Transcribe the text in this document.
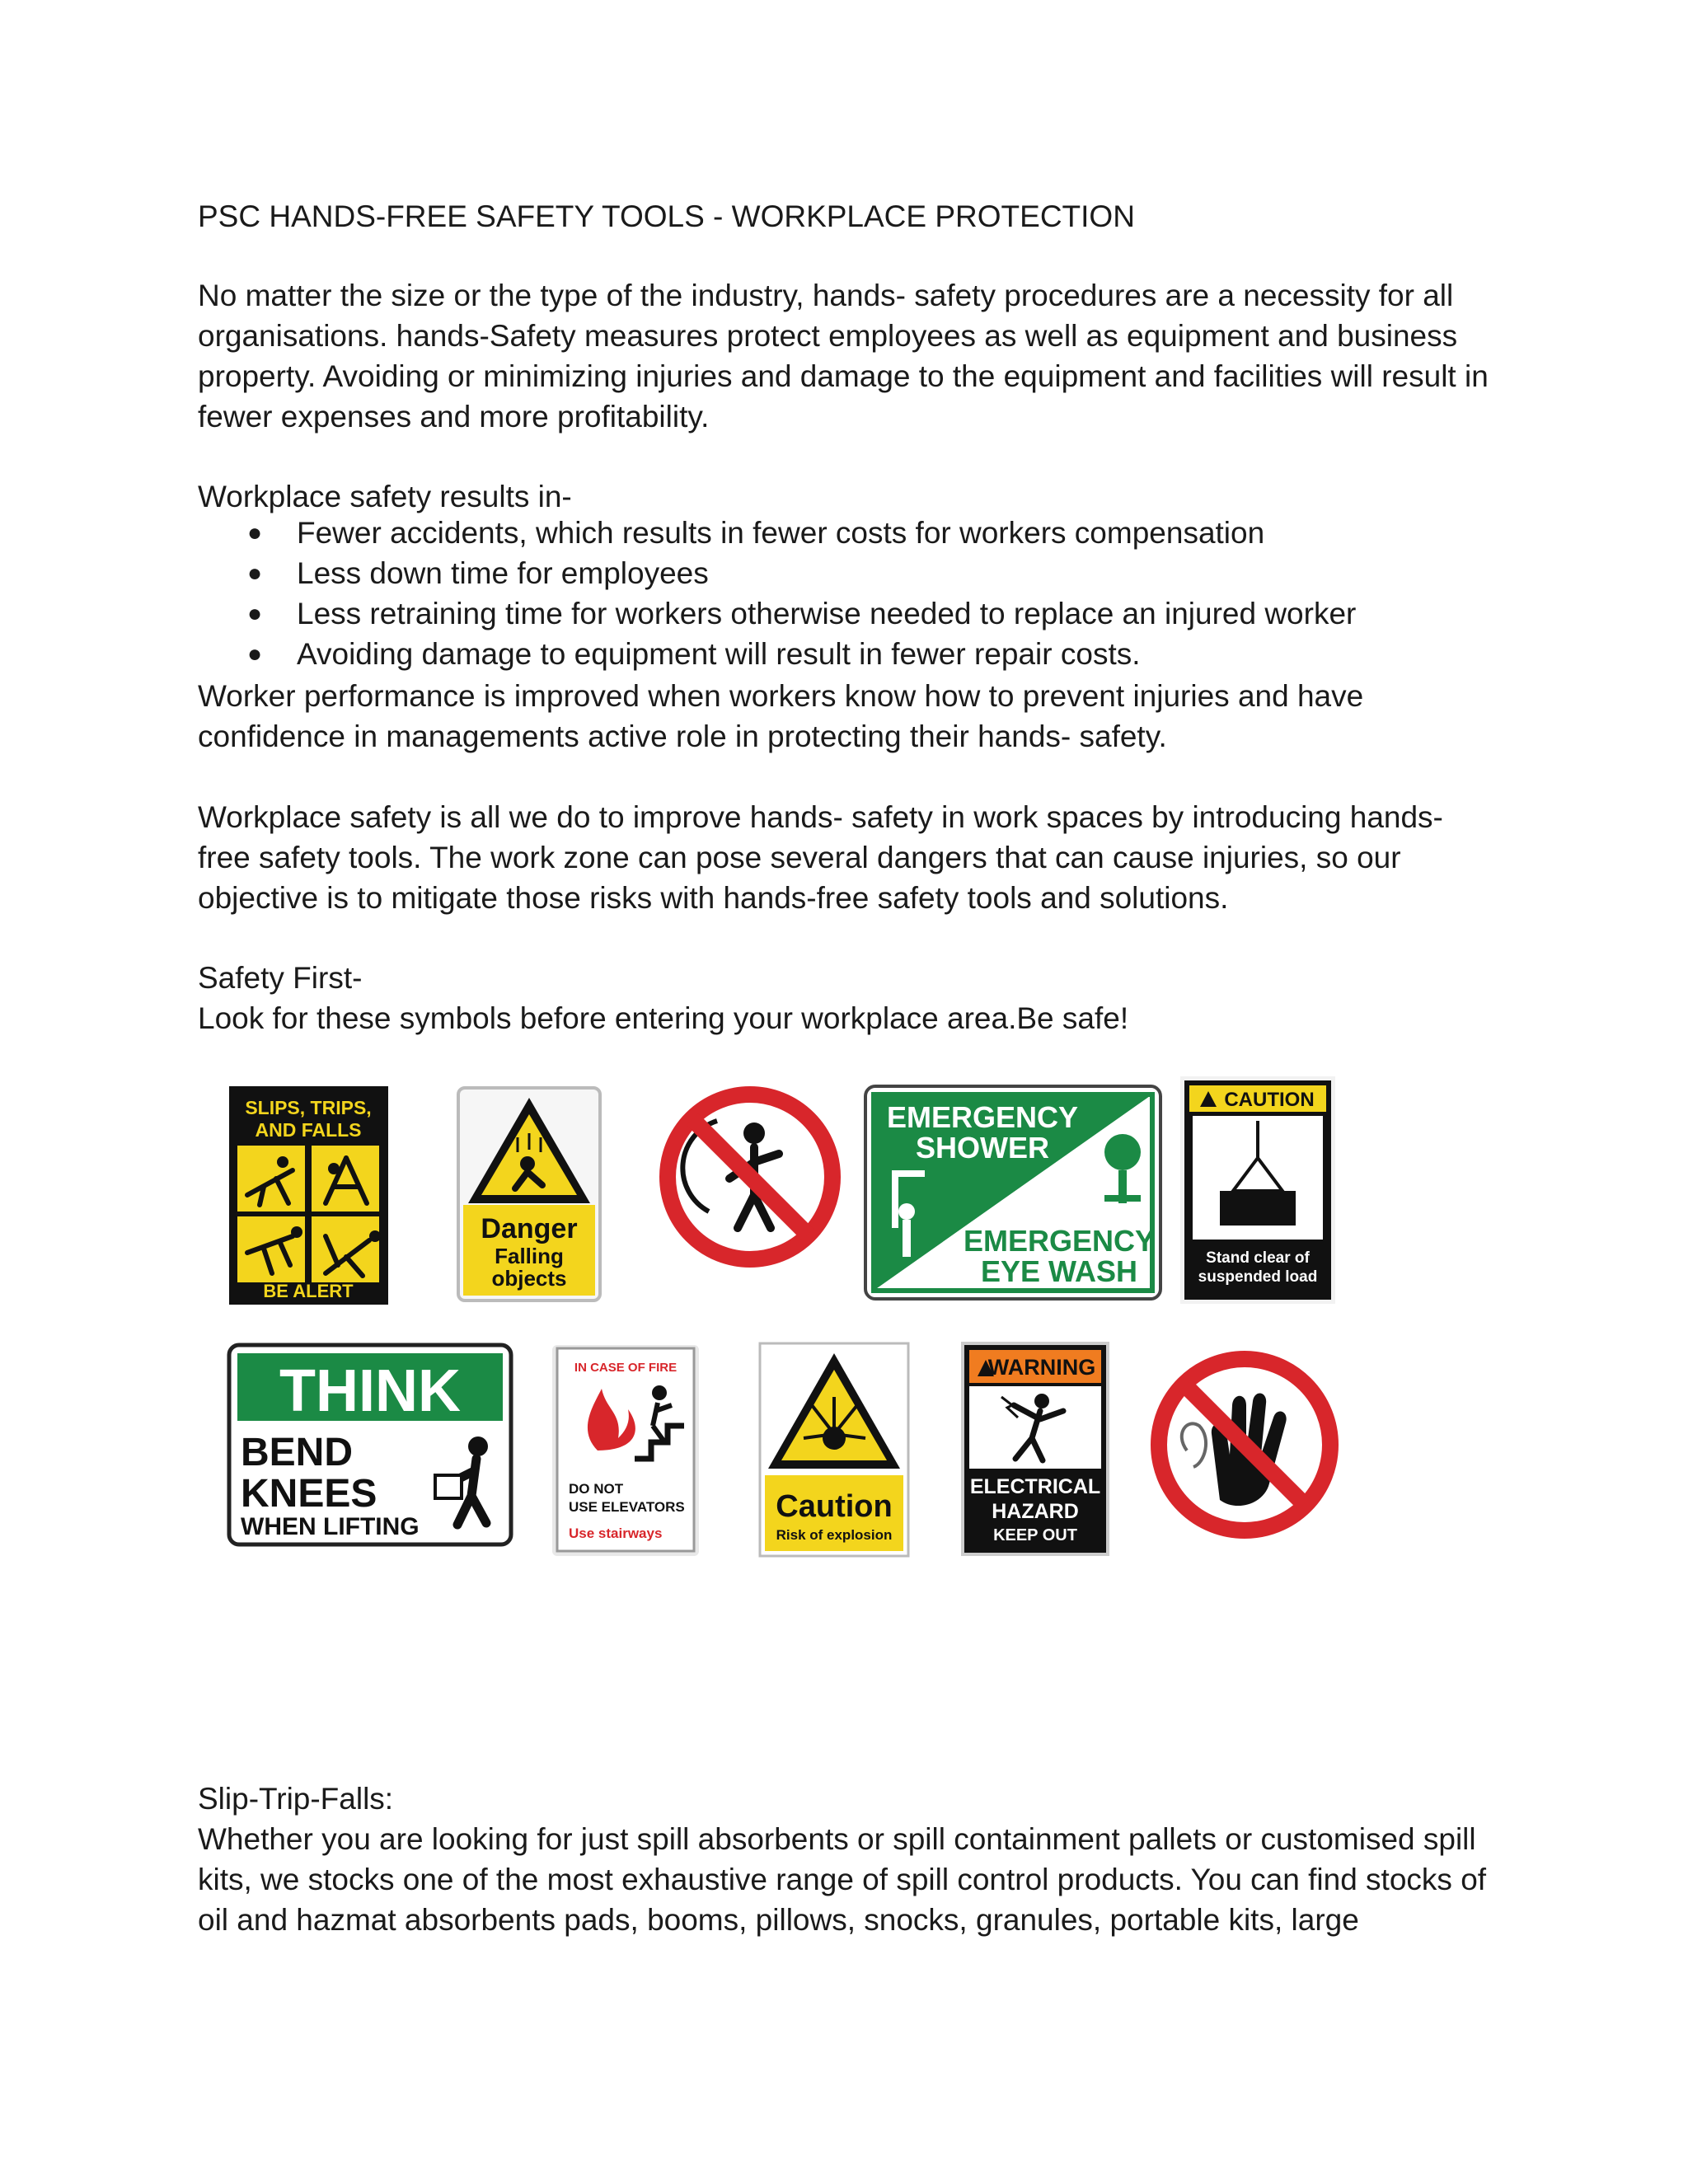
PSC HANDS-FREE SAFETY TOOLS - WORKPLACE PROTECTION

No matter the size or the type of the industry, hands- safety procedures are a necessity for all

organisations. hands-Safety measures protect employees as well as equipment and business

property. Avoiding or minimizing injuries and damage to the equipment and facilities will result in

fewer expenses and more profitability.

Workplace safety results in-

● Fewer accidents, which results in fewer costs for workers compensation
● Less down time for employees
● Less retraining time for workers otherwise needed to replace an injured worker
● Avoiding damage to equipment will result in fewer repair costs.

Worker performance is improved when workers know how to prevent injuries and have

confidence in managements active role in protecting their hands- safety.

Workplace safety is all we do to improve hands- safety in work spaces by introducing hands-

free safety tools. The work zone can pose several dangers that can cause injuries, so our

objective is to mitigate those risks with hands-free safety tools and solutions.

Safety First-

Look for these symbols before entering your workplace area.Be safe!

Slip-Trip-Falls:

Whether you are looking for just spill absorbents or spill containment pallets or customised spill

kits, we stocks one of the most exhaustive range of spill control products. You can find stocks of

oil and hazmat absorbents pads, booms, pillows, snocks, granules, portable kits, large

SLIPS, TRIPS,
AND FALLS
BE ALERT
Danger
Falling
objects
EMERGENCY
SHOWER
EMERGENCY
EYE WASH
CAUTION
Stand clear of
suspended load
THINK
BEND
KNEES
WHEN LIFTING
IN CASE OF FIRE
DO NOT
USE ELEVATORS
Use stairways
Caution
Risk of explosion
WARNING
ELECTRICAL
HAZARD
KEEP OUT
